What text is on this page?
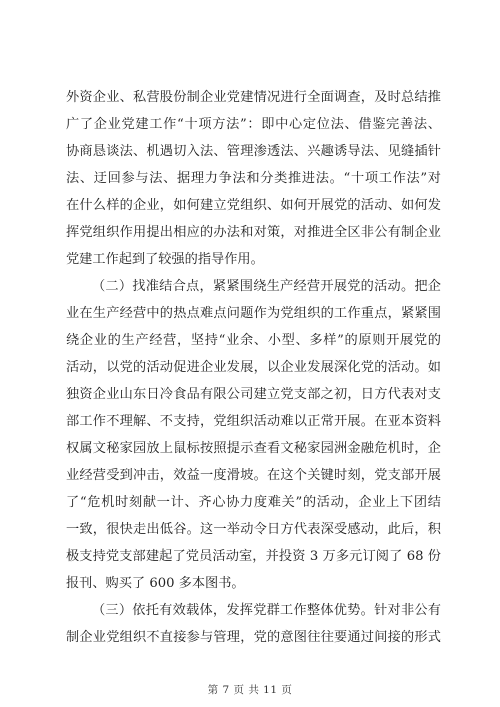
外资企业、私营股份制企业党建情况进行全面调查，及时总结推
广了企业党建工作“十项方法”：即中心定位法、借鉴完善法、
协商恳谈法、机遇切入法、管理渗透法、兴趣诱导法、见缝插针
法、迂回参与法、据理力争法和分类推进法。“十项工作法”对
在什么样的企业，如何建立党组织、如何开展党的活动、如何发
挥党组织作用提出相应的办法和对策，对推进全区非公有制企业
党建工作起到了较强的指导作用。
（二）找准结合点，紧紧围绕生产经营开展党的活动。把企
业在生产经营中的热点难点问题作为党组织的工作重点，紧紧围
绕企业的生产经营，坚持“业余、小型、多样”的原则开展党的
活动，以党的活动促进企业发展，以企业发展深化党的活动。如
独资企业山东日冷食品有限公司建立党支部之初，日方代表对支
部工作不理解、不支持，党组织活动难以正常开展。在亚本资料
权属文秘家园放上鼠标按照提示查看文秘家园洲金融危机时，企
业经营受到冲击，效益一度滑坡。在这个关键时刻，党支部开展
了“危机时刻献一计、齐心协力度难关”的活动，企业上下团结
一致，很快走出低谷。这一举动令日方代表深受感动，此后，积
极支持党支部建起了党员活动室，并投资 3 万多元订阅了 68 份
报刊、购买了 600 多本图书。
（三）依托有效载体，发挥党群工作整体优势。针对非公有
制企业党组织不直接参与管理，党的意图往往要通过间接的形式
第 7 页 共 11 页
